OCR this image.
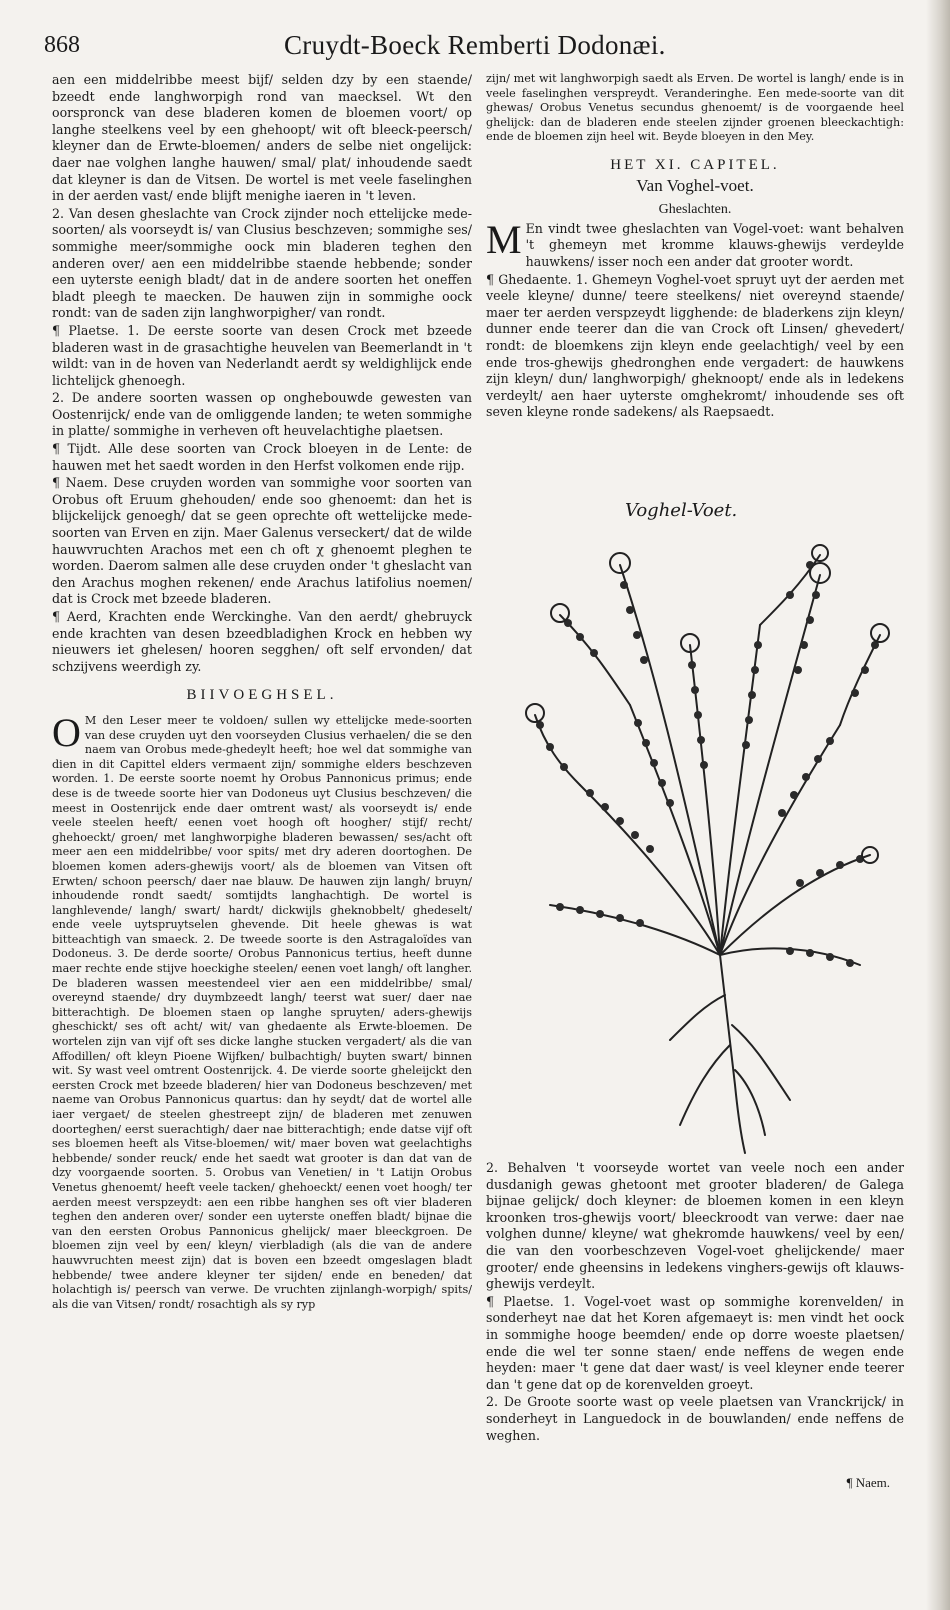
868	Cruydt-Boeck Remberti Dodonæi.

aen een middelribbe meest bijf/ selden dzy by een staende/ bzeedt ende langhworpigh rond van maecksel. Wt den oorspronck van dese bladeren komen de bloemen voort/ op langhe steelkens veel by een ghehoopt/ wit oft bleeck-peersch/ kleyner dan de Erwte-bloemen/ anders de selbe niet ongelijck: daer nae volghen langhe hauwen/ smal/ plat/ inhoudende saedt dat kleyner is dan de Vitsen. De wortel is met veele faselinghen in der aerden vast/ ende blijft menighe iaeren in 't leven.

2. Van desen gheslachte van Crock zijnder noch ettelijcke mede-soorten/ als voorseydt is/ van Clusius beschzeven; sommighe ses/ sommighe meer/sommighe oock min bladeren teghen den anderen over/ aen een middelribbe staende hebbende; sonder een uyterste eenigh bladt/ dat in de andere soorten het oneffen bladt pleegh te maecken. De hauwen zijn in sommighe oock rondt: van de saden zijn langhworpigher/ van rondt.

¶ Plaetse. 1. De eerste soorte van desen Crock met bzeede bladeren wast in de grasachtighe heuvelen van Beemerlandt in 't wildt: van in de hoven van Nederlandt aerdt sy weldighlijck ende lichtelijck ghenoegh.

2. De andere soorten wassen op onghebouwde gewesten van Oostenrijck/ ende van de omliggende landen; te weten sommighe in platte/ sommighe in verheven oft heuvelachtighe plaetsen.

¶ Tijdt. Alle dese soorten van Crock bloeyen in de Lente: de hauwen met het saedt worden in den Herfst volkomen ende rijp.

¶ Naem. Dese cruyden worden van sommighe voor soorten van Orobus oft Eruum ghehouden/ ende soo ghenoemt: dan het is blijckelijck genoegh/ dat se geen oprechte oft wettelijcke mede-soorten van Erven en zijn. Maer Galenus verseckert/ dat de wilde hauwvruchten Arachos met een ch oft χ ghenoemt pleghen te worden. Daerom salmen alle dese cruyden onder 't gheslacht van den Arachus moghen rekenen/ ende Arachus latifolius noemen/ dat is Crock met bzeede bladeren.

¶ Aerd, Krachten ende Werckinghe. Van den aerdt/ ghebruyck ende krachten van desen bzeedbladighen Krock en hebben wy nieuwers iet ghelesen/ hooren segghen/ oft self ervonden/ dat schzijvens weerdigh zy.

BIIVOEGHSEL.

O M den Leser meer te voldoen/ sullen wy ettelijcke mede-soorten van dese cruyden uyt den voorseyden Clusius verhaelen/ die se den naem van Orobus mede-ghedeylt heeft; hoe wel dat sommighe van dien in dit Capittel elders vermaent zijn/ sommighe elders beschzeven worden. 1. De eerste soorte noemt hy Orobus Pannonicus primus; ende dese is de tweede soorte hier van Dodoneus uyt Clusius beschzeven/ die meest in Oostenrijck ende daer omtrent wast/ als voorseydt is/ ende veele steelen heeft/ eenen voet hoogh oft hoogher/ stijf/ recht/ ghehoeckt/ groen/ met langhworpighe bladeren bewassen/ ses/acht oft meer aen een middelribbe/ voor spits/ met dry aderen doortoghen. De bloemen komen aders-ghewijs voort/ als de bloemen van Vitsen oft Erwten/ schoon peersch/ daer nae blauw. De hauwen zijn langh/ bruyn/ inhoudende rondt saedt/ somtijdts langhachtigh. De wortel is langhlevende/ langh/ swart/ hardt/ dickwijls gheknobbelt/ ghedeselt/ ende veele uytspruytselen ghevende. Dit heele ghewas is wat bitteachtigh van smaeck. 2. De tweede soorte is den Astragaloïdes van Dodoneus. 3. De derde soorte/ Orobus Pannonicus tertius, heeft dunne maer rechte ende stijve hoeckighe steelen/ eenen voet langh/ oft langher. De bladeren wassen meestendeel vier aen een middelribbe/ smal/ overeynd staende/ dry duymbzeedt langh/ teerst wat suer/ daer nae bitterachtigh. De bloemen staen op langhe spruyten/ aders-ghewijs gheschickt/ ses oft acht/ wit/ van ghedaente als Erwte-bloemen. De wortelen zijn van vijf oft ses dicke langhe stucken vergadert/ als die van Affodillen/ oft kleyn Pioene Wijfken/ bulbachtigh/ buyten swart/ binnen wit. Sy wast veel omtrent Oostenrijck. 4. De vierde soorte gheleijckt den eersten Crock met bzeede bladeren/ hier van Dodoneus beschzeven/ met naeme van Orobus Pannonicus quartus: dan hy seydt/ dat de wortel alle iaer vergaet/ de steelen ghestreept zijn/ de bladeren met zenuwen doorteghen/ eerst suerachtigh/ daer nae bitterachtigh; ende datse vijf oft ses bloemen heeft als Vitse-bloemen/ wit/ maer boven wat geelachtighs hebbende/ sonder reuck/ ende het saedt wat grooter is dan dat van de dzy voorgaende soorten. 5. Orobus van Venetien/ in 't Latijn Orobus Venetus ghenoemt/ heeft veele tacken/ ghehoeckt/ eenen voet hoogh/ ter aerden meest verspzeydt: aen een ribbe hanghen ses oft vier bladeren teghen den anderen over/ sonder een uyterste oneffen bladt/ bijnae die van den eersten Orobus Pannonicus ghelijck/ maer bleeckgroen. De bloemen zijn veel by een/ kleyn/ vierbladigh (als die van de andere hauwvruchten meest zijn) dat is boven een bzeedt omgeslagen bladt hebbende/ twee andere kleyner ter sijden/ ende en beneden/ dat holachtigh is/ peersch van verwe. De vruchten zijnlangh-worpigh/ spits/ als die van Vitsen/ rondt/ rosachtigh als sy ryp

zijn/ met wit langhworpigh saedt als Erven. De wortel is langh/ ende is in veele faselinghen verspreydt. Veranderinghe. Een mede-soorte van dit ghewas/ Orobus Venetus secundus ghenoemt/ is de voorgaende heel ghelijck: dan de bladeren ende steelen zijnder groenen bleeckachtigh: ende de bloemen zijn heel wit. Beyde bloeyen in den Mey.

HET XI. CAPITEL.
Van Voghel-voet.
Gheslachten.

M En vindt twee gheslachten van Vogel-voet: want behalven 't ghemeyn met kromme klauws-ghewijs verdeylde hauwkens/ isser noch een ander dat grooter wordt.

¶ Ghedaente. 1. Ghemeyn Voghel-voet spruyt uyt der aerden met veele kleyne/ dunne/ teere steelkens/ niet overeynd staende/ maer ter aerden verspzeydt ligghende: de bladerkens zijn kleyn/ dunner ende teerer dan die van Crock oft Linsen/ ghevedert/ rondt: de bloemkens zijn kleyn ende geelachtigh/ veel by een ende tros-ghewijs ghedronghen ende vergadert: de hauwkens zijn kleyn/ dun/ langhworpigh/ gheknoopt/ ende als in ledekens verdeylt/ aen haer uyterste omghekromt/ inhoudende ses oft seven kleyne ronde sadekens/ als Raepsaedt.

Voghel-Voet.

2. Behalven 't voorseyde wortet van veele noch een ander dusdanigh gewas ghetoont met grooter bladeren/ de Galega bijnae gelijck/ doch kleyner: de bloemen komen in een kleyn kroonken tros-ghewijs voort/ bleeckroodt van verwe: daer nae volghen dunne/ kleyne/ wat ghekromde hauwkens/ veel by een/ die van den voorbeschzeven Vogel-voet ghelijckende/ maer grooter/ ende gheensins in ledekens vinghers-gewijs oft klauws-ghewijs verdeylt.

¶ Plaetse. 1. Vogel-voet wast op sommighe korenvelden/ in sonderheyt nae dat het Koren afgemaeyt is: men vindt het oock in sommighe hooge beemden/ ende op dorre woeste plaetsen/ ende die wel ter sonne staen/ ende neffens de wegen ende heyden: maer 't gene dat daer wast/ is veel kleyner ende teerer dan 't gene dat op de korenvelden groeyt.

2. De Groote soorte wast op veele plaetsen van Vranckrijck/ in sonderheyt in Languedock in de bouwlanden/ ende neffens de weghen.

¶ Naem.
